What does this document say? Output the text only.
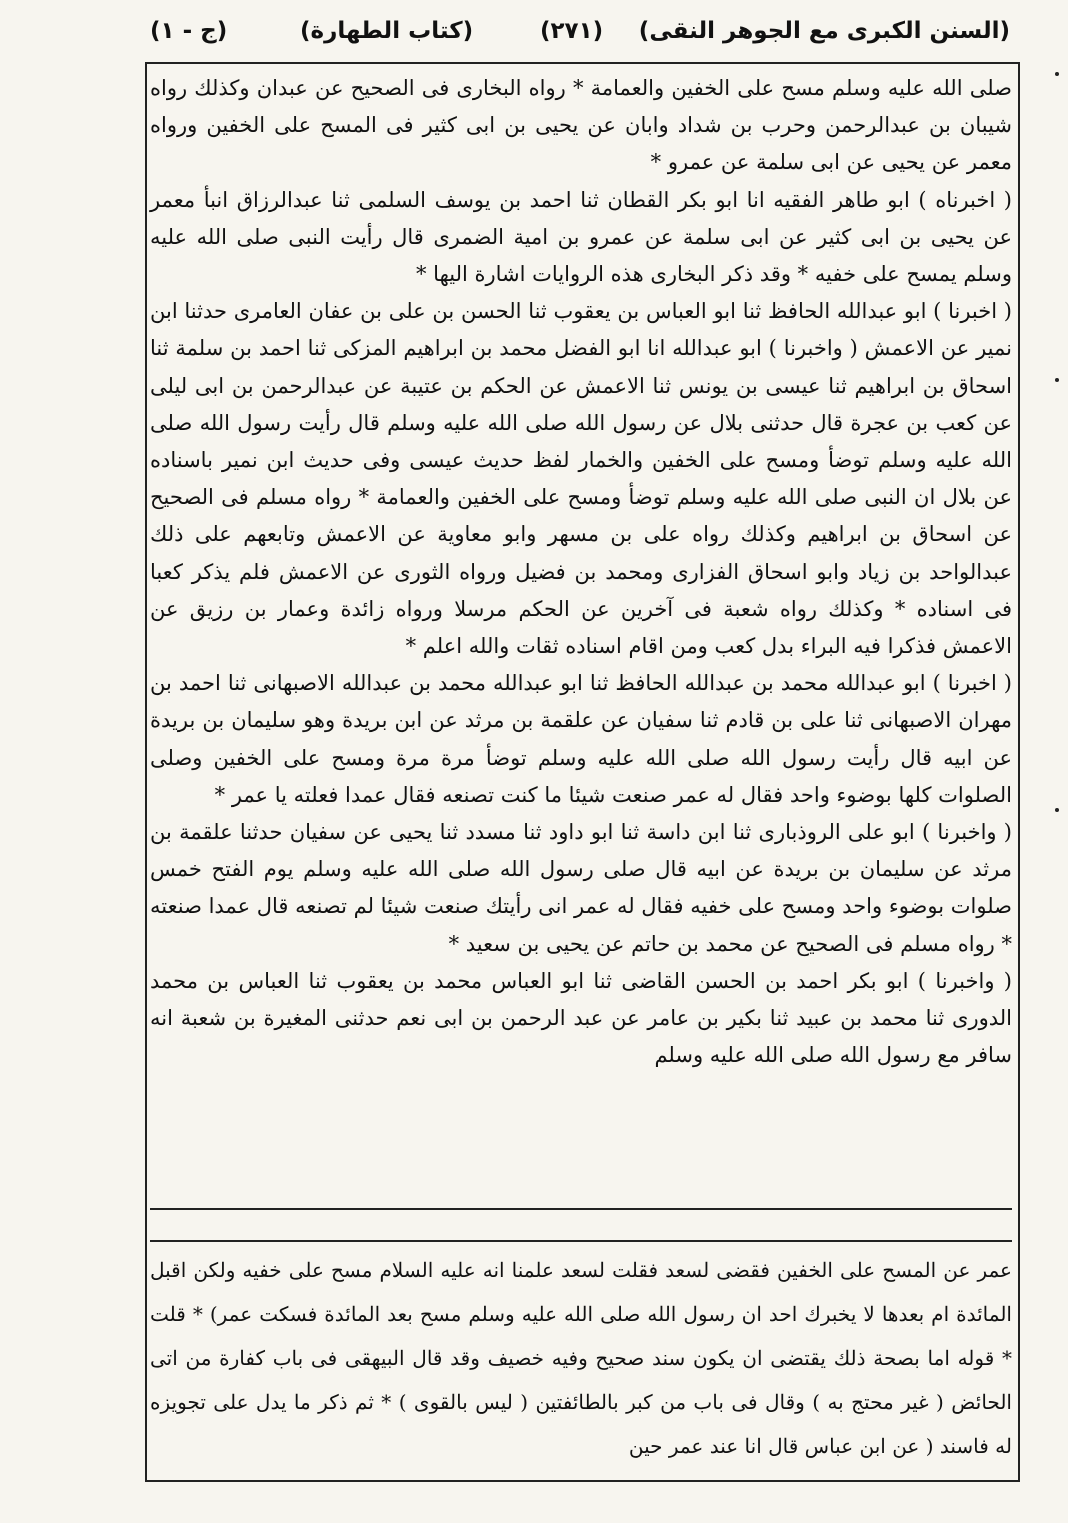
(السنن الكبرى مع الجوهر النقى)
(٢٧١)
(كتاب الطهارة)
(ج - ١)

صلى الله عليه وسلم مسح على الخفين والعمامة * رواه البخارى فى الصحيح عن عبدان وكذلك رواه شيبان بن عبدالرحمن وحرب بن شداد وابان عن يحيى بن ابى كثير فى المسح على الخفين ورواه معمر عن يحيى عن ابى سلمة عن عمرو *

( اخبرناه ) ابو طاهر الفقيه انا ابو بكر القطان ثنا احمد بن يوسف السلمى ثنا عبدالرزاق انبأ معمر عن يحيى بن ابى كثير عن ابى سلمة عن عمرو بن امية الضمرى قال رأيت النبى صلى الله عليه وسلم يمسح على خفيه * وقد ذكر البخارى هذه الروايات اشارة اليها *

( اخبرنا ) ابو عبدالله الحافظ ثنا ابو العباس بن يعقوب ثنا الحسن بن على بن عفان العامرى حدثنا ابن نمير عن الاعمش ( واخبرنا ) ابو عبدالله انا ابو الفضل محمد بن ابراهيم المزكى ثنا احمد بن سلمة ثنا اسحاق بن ابراهيم ثنا عيسى بن يونس ثنا الاعمش عن الحكم بن عتيبة عن عبدالرحمن بن ابى ليلى عن كعب بن عجرة قال حدثنى بلال عن رسول الله صلى الله عليه وسلم قال رأيت رسول الله صلى الله عليه وسلم توضأ ومسح على الخفين والخمار لفظ حديث عيسى وفى حديث ابن نمير باسناده عن بلال ان النبى صلى الله عليه وسلم توضأ ومسح على الخفين والعمامة * رواه مسلم فى الصحيح عن اسحاق بن ابراهيم وكذلك رواه على بن مسهر وابو معاوية عن الاعمش وتابعهم على ذلك عبدالواحد بن زياد وابو اسحاق الفزارى ومحمد بن فضيل ورواه الثورى عن الاعمش فلم يذكر كعبا فى اسناده * وكذلك رواه شعبة فى آخرين عن الحكم مرسلا ورواه زائدة وعمار بن رزيق عن الاعمش فذكرا فيه البراء بدل كعب ومن اقام اسناده ثقات والله اعلم *

( اخبرنا ) ابو عبدالله محمد بن عبدالله الحافظ ثنا ابو عبدالله محمد بن عبدالله الاصبهانى ثنا احمد بن مهران الاصبهانى ثنا على بن قادم ثنا سفيان عن علقمة بن مرثد عن ابن بريدة وهو سليمان بن بريدة عن ابيه قال رأيت رسول الله صلى الله عليه وسلم توضأ مرة مرة ومسح على الخفين وصلى الصلوات كلها بوضوء واحد فقال له عمر صنعت شيئا ما كنت تصنعه فقال عمدا فعلته يا عمر *

( واخبرنا ) ابو على الروذبارى ثنا ابن داسة ثنا ابو داود ثنا مسدد ثنا يحيى عن سفيان حدثنا علقمة بن مرثد عن سليمان بن بريدة عن ابيه قال صلى رسول الله صلى الله عليه وسلم يوم الفتح خمس صلوات بوضوء واحد ومسح على خفيه فقال له عمر انى رأيتك صنعت شيئا لم تصنعه قال عمدا صنعته * رواه مسلم فى الصحيح عن محمد بن حاتم عن يحيى بن سعيد *

( واخبرنا ) ابو بكر احمد بن الحسن القاضى ثنا ابو العباس محمد بن يعقوب ثنا العباس بن محمد الدورى ثنا محمد بن عبيد ثنا بكير بن عامر عن عبد الرحمن بن ابى نعم حدثنى المغيرة بن شعبة انه سافر مع رسول الله صلى الله عليه وسلم

عمر عن المسح على الخفين فقضى لسعد فقلت لسعد علمنا انه عليه السلام مسح على خفيه ولكن اقبل المائدة ام بعدها لا يخبرك احد ان رسول الله صلى الله عليه وسلم مسح بعد المائدة فسكت عمر) * قلت * قوله اما بصحة ذلك يقتضى ان يكون سند صحيح وفيه خصيف وقد قال البيهقى فى باب كفارة من اتى الحائض ( غير محتج به ) وقال فى باب من كبر بالطائفتين ( ليس بالقوى ) * ثم ذكر ما يدل على تجويزه له فاسند ( عن ابن عباس قال انا عند عمر حين
